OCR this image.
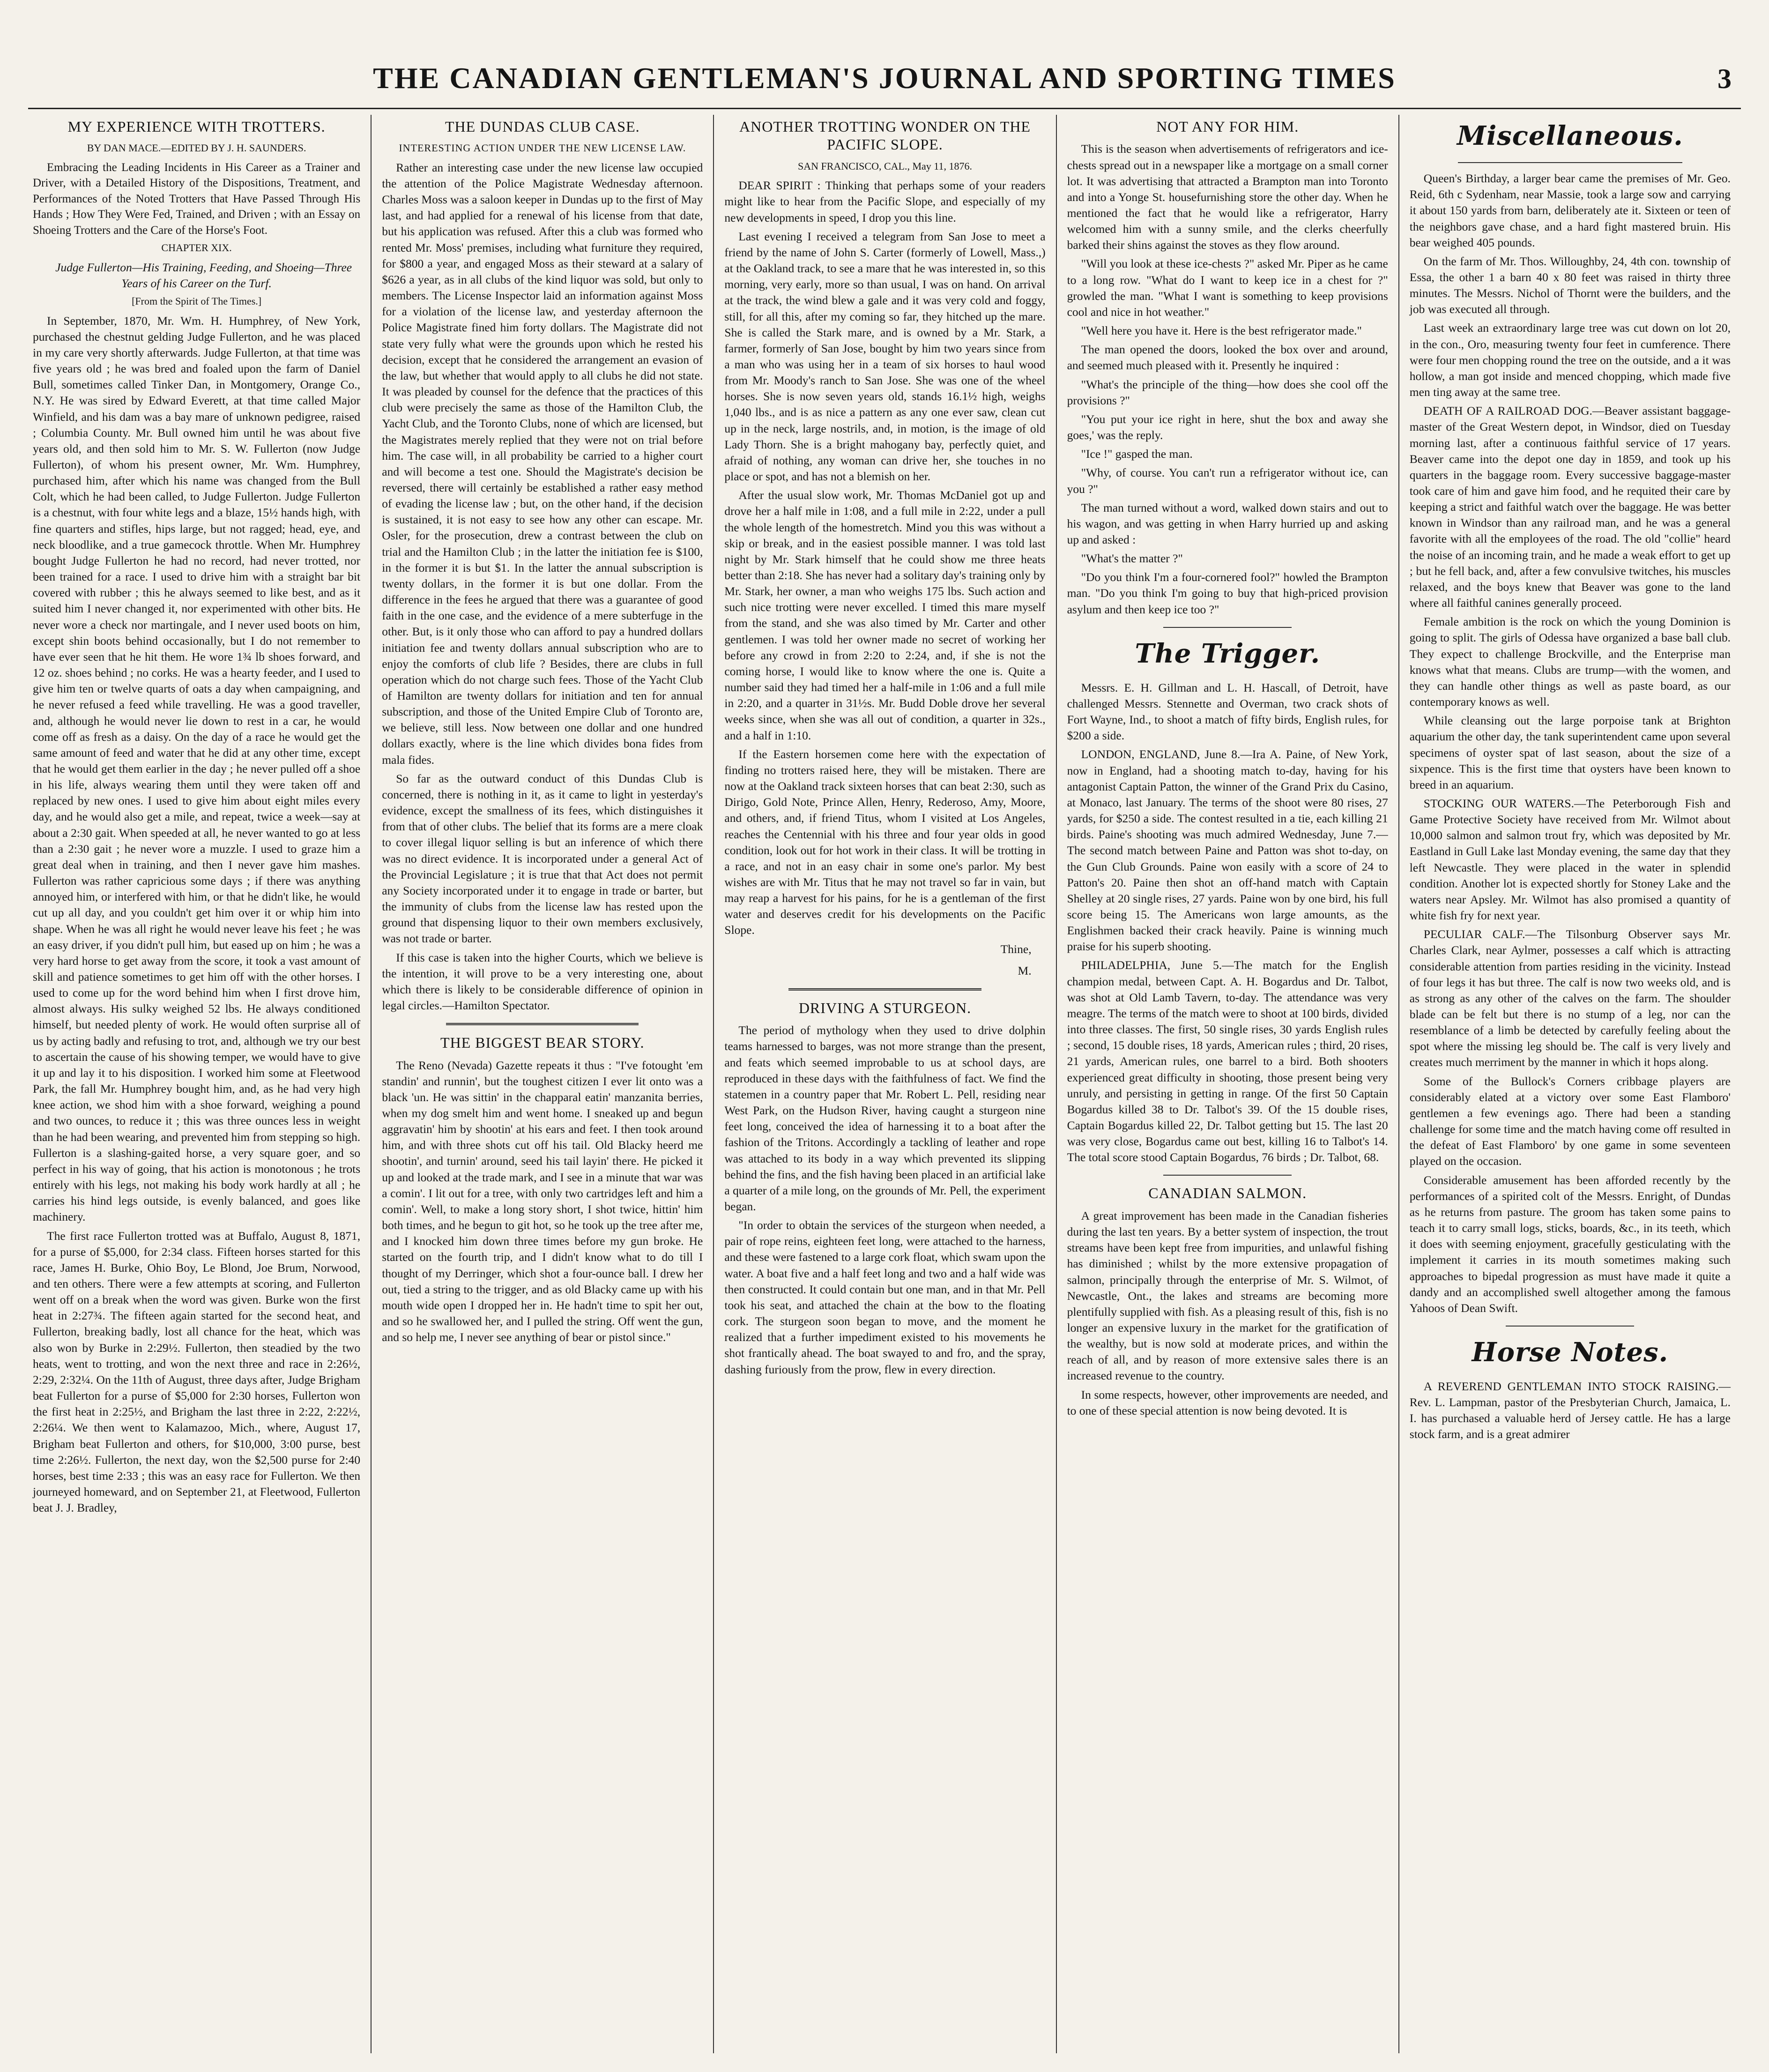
THE CANADIAN GENTLEMAN'S JOURNAL AND SPORTING TIMES	3
MY EXPERIENCE WITH TROTTERS.
BY DAN MACE.—EDITED BY J. H. SAUNDERS.

Embracing the Leading Incidents in His Career as a Trainer and Driver, with a Detailed History of the Dispositions, Treatment, and Performances of the Noted Trotters that Have Passed Through His Hands ; How They Were Fed, Trained, and Driven ; with an Essay on Shoeing Trotters and the Care of the Horse's Foot.

CHAPTER XIX.

Judge Fullerton—His Training, Feeding, and Shoeing—Three Years of his Career on the Turf.

[From the Spirit of The Times.]

In September, 1870, Mr. Wm. H. Humphrey, of New York, purchased the chestnut gelding Judge Fullerton, and he was placed in my care very shortly afterwards. Judge Fullerton, at that time was five years old ; he was bred and foaled upon the farm of Daniel Bull, sometimes called Tinker Dan, in Montgomery, Orange Co., N.Y. He was sired by Edward Everett, at that time called Major Winfield, and his dam was a bay mare of unknown pedigree, raised ; Columbia County. Mr. Bull owned him until he was about five years old, and then sold him to Mr. S. W. Fullerton (now Judge Fullerton), of whom his present owner, Mr. Wm. Humphrey, purchased him, after which his name was changed from the Bull Colt, which he had been called, to Judge Fullerton. Judge Fullerton is a chestnut, with four white legs and a blaze, 15½ hands high, with fine quarters and stifles, hips large, but not ragged; head, eye, and neck bloodlike, and a true gamecock throttle. When Mr. Humphrey bought Judge Fullerton he had no record, had never trotted, nor been trained for a race. I used to drive him with a straight bar bit covered with rubber ; this he always seemed to like best, and as it suited him I never changed it, nor experimented with other bits. He never wore a check nor martingale, and I never used boots on him, except shin boots behind occasionally, but I do not remember to have ever seen that he hit them. He wore 1¾ lb shoes forward, and 12 oz. shoes behind ; no corks. He was a hearty feeder, and I used to give him ten or twelve quarts of oats a day when campaigning, and he never refused a feed while travelling. He was a good traveller, and, although he would never lie down to rest in a car, he would come off as fresh as a daisy. On the day of a race he would get the same amount of feed and water that he did at any other time, except that he would get them earlier in the day ; he never pulled off a shoe in his life, always wearing them until they were taken off and replaced by new ones. I used to give him about eight miles every day, and he would also get a mile, and repeat, twice a week—say at about a 2:30 gait. When speeded at all, he never wanted to go at less than a 2:30 gait ; he never wore a muzzle. I used to graze him a great deal when in training, and then I never gave him mashes. Fullerton was rather capricious some days ; if there was anything annoyed him, or interfered with him, or that he didn't like, he would cut up all day, and you couldn't get him over it or whip him into shape. When he was all right he would never leave his feet ; he was an easy driver, if you didn't pull him, but eased up on him ; he was a very hard horse to get away from the score, it took a vast amount of skill and patience sometimes to get him off with the other horses. I used to come up for the word behind him when I first drove him, almost always. His sulky weighed 52 lbs. He always conditioned himself, but needed plenty of work. He would often surprise all of us by acting badly and refusing to trot, and, although we try our best to ascertain the cause of his showing temper, we would have to give it up and lay it to his disposition. I worked him some at Fleetwood Park, the fall Mr. Humphrey bought him, and, as he had very high knee action, we shod him with a shoe forward, weighing a pound and two ounces, to reduce it ; this was three ounces less in weight than he had been wearing, and prevented him from stepping so high. Fullerton is a slashing-gaited horse, a very square goer, and so perfect in his way of going, that his action is monotonous ; he trots entirely with his legs, not making his body work hardly at all ; he carries his hind legs outside, is evenly balanced, and goes like machinery.

The first race Fullerton trotted was at Buffalo, August 8, 1871, for a purse of $5,000, for 2:34 class. Fifteen horses started for this race, James H. Burke, Ohio Boy, Le Blond, Joe Brum, Norwood, and ten others. There were a few attempts at scoring, and Fullerton went off on a break when the word was given. Burke won the first heat in 2:27¾. The fifteen again started for the second heat, and Fullerton, breaking badly, lost all chance for the heat, which was also won by Burke in 2:29½. Fullerton, then steadied by the two heats, went to trotting, and won the next three and race in 2:26½, 2:29, 2:32¼. On the 11th of August, three days after, Judge Brigham beat Fullerton for a purse of $5,000 for 2:30 horses, Fullerton won the first heat in 2:25½, and Brigham the last three in 2:22, 2:22½, 2:26¼. We then went to Kalamazoo, Mich., where, August 17, Brigham beat Fullerton and others, for $10,000, 3:00 purse, best time 2:26½. Fullerton, the next day, won the $2,500 purse for 2:40 horses, best time 2:33 ; this was an easy race for Fullerton. We then journeyed homeward, and on September 21, at Fleetwood, Fullerton beat J. J. Bradley,

THE DUNDAS CLUB CASE.
INTERESTING ACTION UNDER THE NEW LICENSE LAW.

Rather an interesting case under the new license law occupied the attention of the Police Magistrate Wednesday afternoon. Charles Moss was a saloon keeper in Dundas up to the first of May last, and had applied for a renewal of his license from that date, but his application was refused. After this a club was formed who rented Mr. Moss' premises, including what furniture they required, for $800 a year, and engaged Moss as their steward at a salary of $626 a year, as in all clubs of the kind liquor was sold, but only to members. The License Inspector laid an information against Moss for a violation of the license law, and yesterday afternoon the Police Magistrate fined him forty dollars. The Magistrate did not state very fully what were the grounds upon which he rested his decision, except that he considered the arrangement an evasion of the law, but whether that would apply to all clubs he did not state. It was pleaded by counsel for the defence that the practices of this club were precisely the same as those of the Hamilton Club, the Yacht Club, and the Toronto Clubs, none of which are licensed, but the Magistrates merely replied that they were not on trial before him. The case will, in all probability be carried to a higher court and will become a test one. Should the Magistrate's decision be reversed, there will certainly be established a rather easy method of evading the license law ; but, on the other hand, if the decision is sustained, it is not easy to see how any other can escape. Mr. Osler, for the prosecution, drew a contrast between the club on trial and the Hamilton Club ; in the latter the initiation fee is $100, in the former it is but $1. In the latter the annual subscription is twenty dollars, in the former it is but one dollar. From the difference in the fees he argued that there was a guarantee of good faith in the one case, and the evidence of a mere subterfuge in the other. But, is it only those who can afford to pay a hundred dollars initiation fee and twenty dollars annual subscription who are to enjoy the comforts of club life ? Besides, there are clubs in full operation which do not charge such fees. Those of the Yacht Club of Hamilton are twenty dollars for initiation and ten for annual subscription, and those of the United Empire Club of Toronto are, we believe, still less. Now between one dollar and one hundred dollars exactly, where is the line which divides bona fides from mala fides.

So far as the outward conduct of this Dundas Club is concerned, there is nothing in it, as it came to light in yesterday's evidence, except the smallness of its fees, which distinguishes it from that of other clubs. The belief that its forms are a mere cloak to cover illegal liquor selling is but an inference of which there was no direct evidence. It is incorporated under a general Act of the Provincial Legislature ; it is true that that Act does not permit any Society incorporated under it to engage in trade or barter, but the immunity of clubs from the license law has rested upon the ground that dispensing liquor to their own members exclusively, was not trade or barter.

If this case is taken into the higher Courts, which we believe is the intention, it will prove to be a very interesting one, about which there is likely to be considerable difference of opinion in legal circles.—Hamilton Spectator.

THE BIGGEST BEAR STORY.

The Reno (Nevada) Gazette repeats it thus : "I've fotought 'em standin' and runnin', but the toughest citizen I ever lit onto was a black 'un. He was sittin' in the chapparal eatin' manzanita berries, when my dog smelt him and went home. I sneaked up and begun aggravatin' him by shootin' at his ears and feet. I then took around him, and with three shots cut off his tail. Old Blacky heerd me shootin', and turnin' around, seed his tail layin' there. He picked it up and looked at the trade mark, and I see in a minute that war was a comin'. I lit out for a tree, with only two cartridges left and him a comin'. Well, to make a long story short, I shot twice, hittin' him both times, and he begun to git hot, so he took up the tree after me, and I knocked him down three times before my gun broke. He started on the fourth trip, and I didn't know what to do till I thought of my Derringer, which shot a four-ounce ball. I drew her out, tied a string to the trigger, and as old Blacky came up with his mouth wide open I dropped her in. He hadn't time to spit her out, and so he swallowed her, and I pulled the string. Off went the gun, and so help me, I never see anything of bear or pistol since."

ANOTHER TROTTING WONDER ON THE PACIFIC SLOPE.
SAN FRANCISCO, CAL., May 11, 1876.

DEAR SPIRIT : Thinking that perhaps some of your readers might like to hear from the Pacific Slope, and especially of my new developments in speed, I drop you this line.

Last evening I received a telegram from San Jose to meet a friend by the name of John S. Carter (formerly of Lowell, Mass.,) at the Oakland track, to see a mare that he was interested in, so this morning, very early, more so than usual, I was on hand. On arrival at the track, the wind blew a gale and it was very cold and foggy, still, for all this, after my coming so far, they hitched up the mare. She is called the Stark mare, and is owned by a Mr. Stark, a farmer, formerly of San Jose, bought by him two years since from a man who was using her in a team of six horses to haul wood from Mr. Moody's ranch to San Jose. She was one of the wheel horses. She is now seven years old, stands 16.1½ high, weighs 1,040 lbs., and is as nice a pattern as any one ever saw, clean cut up in the neck, large nostrils, and, in motion, is the image of old Lady Thorn. She is a bright mahogany bay, perfectly quiet, and afraid of nothing, any woman can drive her, she touches in no place or spot, and has not a blemish on her.

After the usual slow work, Mr. Thomas McDaniel got up and drove her a half mile in 1:08, and a full mile in 2:22, under a pull the whole length of the homestretch. Mind you this was without a skip or break, and in the easiest possible manner. I was told last night by Mr. Stark himself that he could show me three heats better than 2:18. She has never had a solitary day's training only by Mr. Stark, her owner, a man who weighs 175 lbs. Such action and such nice trotting were never excelled. I timed this mare myself from the stand, and she was also timed by Mr. Carter and other gentlemen. I was told her owner made no secret of working her before any crowd in from 2:20 to 2:24, and, if she is not the coming horse, I would like to know where the one is. Quite a number said they had timed her a half-mile in 1:06 and a full mile in 2:20, and a quarter in 31½s. Mr. Budd Doble drove her several weeks since, when she was all out of condition, a quarter in 32s., and a half in 1:10.

If the Eastern horsemen come here with the expectation of finding no trotters raised here, they will be mistaken. There are now at the Oakland track sixteen horses that can beat 2:30, such as Dirigo, Gold Note, Prince Allen, Henry, Rederoso, Amy, Moore, and others, and, if friend Titus, whom I visited at Los Angeles, reaches the Centennial with his three and four year olds in good condition, look out for hot work in their class. It will be trotting in a race, and not in an easy chair in some one's parlor. My best wishes are with Mr. Titus that he may not travel so far in vain, but may reap a harvest for his pains, for he is a gentleman of the first water and deserves credit for his developments on the Pacific Slope.

Thine,
M.
DRIVING A STURGEON.

The period of mythology when they used to drive dolphin teams harnessed to barges, was not more strange than the present, and feats which seemed improbable to us at school days, are reproduced in these days with the faithfulness of fact. We find the statemen in a country paper that Mr. Robert L. Pell, residing near West Park, on the Hudson River, having caught a sturgeon nine feet long, conceived the idea of harnessing it to a boat after the fashion of the Tritons. Accordingly a tackling of leather and rope was attached to its body in a way which prevented its slipping behind the fins, and the fish having been placed in an artificial lake a quarter of a mile long, on the grounds of Mr. Pell, the experiment began.

"In order to obtain the services of the sturgeon when needed, a pair of rope reins, eighteen feet long, were attached to the harness, and these were fastened to a large cork float, which swam upon the water. A boat five and a half feet long and two and a half wide was then constructed. It could contain but one man, and in that Mr. Pell took his seat, and attached the chain at the bow to the floating cork. The sturgeon soon began to move, and the moment he realized that a further impediment existed to his movements he shot frantically ahead. The boat swayed to and fro, and the spray, dashing furiously from the prow, flew in every direction.

NOT ANY FOR HIM.

This is the season when advertisements of refrigerators and ice-chests spread out in a newspaper like a mortgage on a small corner lot. It was advertising that attracted a Brampton man into Toronto and into a Yonge St. housefurnishing store the other day. When he mentioned the fact that he would like a refrigerator, Harry welcomed him with a sunny smile, and the clerks cheerfully barked their shins against the stoves as they flow around.

"Will you look at these ice-chests ?" asked Mr. Piper as he came to a long row. "What do I want to keep ice in a chest for ?" growled the man. "What I want is something to keep provisions cool and nice in hot weather."

"Well here you have it. Here is the best refrigerator made."

The man opened the doors, looked the box over and around, and seemed much pleased with it. Presently he inquired :

"What's the principle of the thing—how does she cool off the provisions ?"

"You put your ice right in here, shut the box and away she goes,' was the reply.

"Ice !" gasped the man.

"Why, of course. You can't run a refrigerator without ice, can you ?"

The man turned without a word, walked down stairs and out to his wagon, and was getting in when Harry hurried up and asking up and asked :

"What's the matter ?"

"Do you think I'm a four-cornered fool?" howled the Brampton man. "Do you think I'm going to buy that high-priced provision asylum and then keep ice too ?"

The Trigger.

Messrs. E. H. Gillman and L. H. Hascall, of Detroit, have challenged Messrs. Stennette and Overman, two crack shots of Fort Wayne, Ind., to shoot a match of fifty birds, English rules, for $200 a side.

LONDON, ENGLAND, June 8.—Ira A. Paine, of New York, now in England, had a shooting match to-day, having for his antagonist Captain Patton, the winner of the Grand Prix du Casino, at Monaco, last January. The terms of the shoot were 80 rises, 27 yards, for $250 a side. The contest resulted in a tie, each killing 21 birds. Paine's shooting was much admired Wednesday, June 7.—The second match between Paine and Patton was shot to-day, on the Gun Club Grounds. Paine won easily with a score of 24 to Patton's 20. Paine then shot an off-hand match with Captain Shelley at 20 single rises, 27 yards. Paine won by one bird, his full score being 15. The Americans won large amounts, as the Englishmen backed their crack heavily. Paine is winning much praise for his superb shooting.

PHILADELPHIA, June 5.—The match for the English champion medal, between Capt. A. H. Bogardus and Dr. Talbot, was shot at Old Lamb Tavern, to-day. The attendance was very meagre. The terms of the match were to shoot at 100 birds, divided into three classes. The first, 50 single rises, 30 yards English rules ; second, 15 double rises, 18 yards, American rules ; third, 20 rises, 21 yards, American rules, one barrel to a bird. Both shooters experienced great difficulty in shooting, those present being very unruly, and persisting in getting in range. Of the first 50 Captain Bogardus killed 38 to Dr. Talbot's 39. Of the 15 double rises, Captain Bogardus killed 22, Dr. Talbot getting but 15. The last 20 was very close, Bogardus came out best, killing 16 to Talbot's 14. The total score stood Captain Bogardus, 76 birds ; Dr. Talbot, 68.

CANADIAN SALMON.

A great improvement has been made in the Canadian fisheries during the last ten years. By a better system of inspection, the trout streams have been kept free from impurities, and unlawful fishing has diminished ; whilst by the more extensive propagation of salmon, principally through the enterprise of Mr. S. Wilmot, of Newcastle, Ont., the lakes and streams are becoming more plentifully supplied with fish. As a pleasing result of this, fish is no longer an expensive luxury in the market for the gratification of the wealthy, but is now sold at moderate prices, and within the reach of all, and by reason of more extensive sales there is an increased revenue to the country.

In some respects, however, other improvements are needed, and to one of these special attention is now being devoted. It is

Miscellaneous.

Queen's Birthday, a larger bear came the premises of Mr. Geo. Reid, 6th c Sydenham, near Massie, took a large sow and carrying it about 150 yards from barn, deliberately ate it. Sixteen or teen of the neighbors gave chase, and a hard fight mastered bruin. His bear weighed 405 pounds.

On the farm of Mr. Thos. Willoughby, 24, 4th con. township of Essa, the other 1 a barn 40 x 80 feet was raised in thirty three minutes. The Messrs. Nichol of Thornt were the builders, and the job was executed all through.

Last week an extraordinary large tree was cut down on lot 20, in the con., Oro, measuring twenty four feet in cumference. There were four men chopping round the tree on the outside, and a it was hollow, a man got inside and menced chopping, which made five men ting away at the same tree.

DEATH OF A RAILROAD DOG.—Beaver assistant baggage-master of the Great Western depot, in Windsor, died on Tuesday morning last, after a continuous faithful service of 17 years. Beaver came into the depot one day in 1859, and took up his quarters in the baggage room. Every successive baggage-master took care of him and gave him food, and he requited their care by keeping a strict and faithful watch over the baggage. He was better known in Windsor than any railroad man, and he was a general favorite with all the employees of the road. The old "collie" heard the noise of an incoming train, and he made a weak effort to get up ; but he fell back, and, after a few convulsive twitches, his muscles relaxed, and the boys knew that Beaver was gone to the land where all faithful canines generally proceed.

Female ambition is the rock on which the young Dominion is going to split. The girls of Odessa have organized a base ball club. They expect to challenge Brockville, and the Enterprise man knows what that means. Clubs are trump—with the women, and they can handle other things as well as paste board, as our contemporary knows as well.

While cleansing out the large porpoise tank at Brighton aquarium the other day, the tank superintendent came upon several specimens of oyster spat of last season, about the size of a sixpence. This is the first time that oysters have been known to breed in an aquarium.

STOCKING OUR WATERS.—The Peterborough Fish and Game Protective Society have received from Mr. Wilmot about 10,000 salmon and salmon trout fry, which was deposited by Mr. Eastland in Gull Lake last Monday evening, the same day that they left Newcastle. They were placed in the water in splendid condition. Another lot is expected shortly for Stoney Lake and the waters near Apsley. Mr. Wilmot has also promised a quantity of white fish fry for next year.

PECULIAR CALF.—The Tilsonburg Observer says Mr. Charles Clark, near Aylmer, possesses a calf which is attracting considerable attention from parties residing in the vicinity. Instead of four legs it has but three. The calf is now two weeks old, and is as strong as any other of the calves on the farm. The shoulder blade can be felt but there is no stump of a leg, nor can the resemblance of a limb be detected by carefully feeling about the spot where the missing leg should be. The calf is very lively and creates much merriment by the manner in which it hops along.

Some of the Bullock's Corners cribbage players are considerably elated at a victory over some East Flamboro' gentlemen a few evenings ago. There had been a standing challenge for some time and the match having come off resulted in the defeat of East Flamboro' by one game in some seventeen played on the occasion.

Considerable amusement has been afforded recently by the performances of a spirited colt of the Messrs. Enright, of Dundas as he returns from pasture. The groom has taken some pains to teach it to carry small logs, sticks, boards, &c., in its teeth, which it does with seeming enjoyment, gracefully gesticulating with the implement it carries in its mouth sometimes making such approaches to bipedal progression as must have made it quite a dandy and an accomplished swell altogether among the famous Yahoos of Dean Swift.

Horse Notes.

A REVEREND GENTLEMAN INTO STOCK RAISING.—Rev. L. Lampman, pastor of the Presbyterian Church, Jamaica, L. I. has purchased a valuable herd of Jersey cattle. He has a large stock farm, and is a great admirer
